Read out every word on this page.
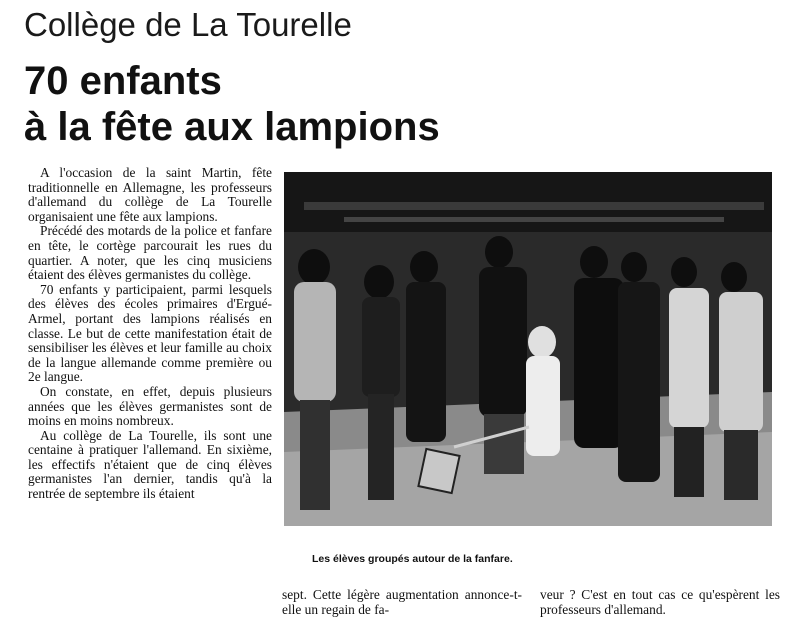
Collège de La Tourelle
70 enfants
à la fête aux lampions

A l'occasion de la saint Martin, fête traditionnelle en Allemagne, les professeurs d'allemand du collège de La Tourelle organisaient une fête aux lampions.

Précédé des motards de la police et fanfare en tête, le cortège parcourait les rues du quartier. A noter, que les cinq musiciens étaient des élèves germanistes du collège.

70 enfants y participaient, parmi lesquels des élèves des écoles primaires d'Ergué-Armel, portant des lampions réalisés en classe. Le but de cette manifestation était de sensibiliser les élèves et leur famille au choix de la langue allemande comme première ou 2e langue.

On constate, en effet, depuis plusieurs années que les élèves germanistes sont de moins en moins nombreux.

Au collège de La Tourelle, ils sont une centaine à pratiquer l'allemand. En sixième, les effectifs n'étaient que de cinq élèves germanistes l'an dernier, tandis qu'à la rentrée de septembre ils étaient

Les élèves groupés autour de la fanfare.

sept. Cette légère augmentation annonce-t-elle un regain de fa-

veur ? C'est en tout cas ce qu'espèrent les professeurs d'allemand.
